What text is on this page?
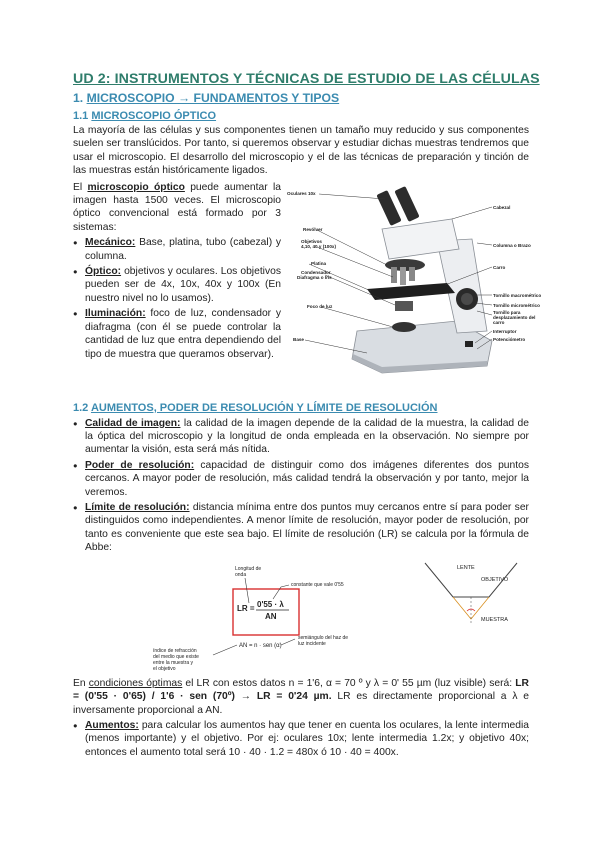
UD 2: INSTRUMENTOS Y TÉCNICAS DE ESTUDIO DE LAS CÉLULAS
1. MICROSCOPIO → FUNDAMENTOS Y TIPOS
1.1 MICROSCOPIO ÓPTICO

La mayoría de las células y sus componentes tienen un tamaño muy reducido y sus componentes suelen ser translúcidos. Por tanto, si queremos observar y estudiar dichas muestras tendremos que usar el microscopio. El desarrollo del microscopio y el de las técnicas de preparación y tinción de las muestras están históricamente ligados.

El microscopio óptico puede aumentar la imagen hasta 1500 veces. El microscopio óptico convencional está formado por 3 sistemas:

● Mecánico: Base, platina, tubo (cabezal) y columna.
● Óptico: objetivos y oculares. Los objetivos pueden ser de 4x, 10x, 40x y 100x (En nuestro nivel no lo usamos).
● Iluminación: foco de luz, condensador y diafragma (con él se puede controlar la cantidad de luz que entra dependiendo del tipo de muestra que queramos observar).
Oculares 10x
Revólver
Objetivos
4,10, 40 y (100x)
Platina
Condensador
Diafragma o Iris
Foco de luz
Base
Cabezal
Columna o Brazo
Carro
Tornillo macrométrico
Tornillo micrométrico
Tornillo para
desplazamiento del
carro
Interruptor
Potenciómetro
1.2 AUMENTOS, PODER DE RESOLUCIÓN Y LÍMITE DE RESOLUCIÓN
● Calidad de imagen: la calidad de la imagen depende de la calidad de la muestra, la calidad de la óptica del microscopio y la longitud de onda empleada en la observación. No siempre por aumentar la visión, esta será más nítida.
● Poder de resolución: capacidad de distinguir como dos imágenes diferentes dos puntos cercanos. A mayor poder de resolución, más calidad tendrá la observación y por tanto, mejor la veremos.
● Límite de resolución: distancia mínima entre dos puntos muy cercanos entre sí para poder ser distinguidos como independientes. A menor límite de resolución, mayor poder de resolución, por tanto es conveniente que este sea bajo. El límite de resolución (LR) se calcula por la fórmula de Abbe:
Longitud de
onda
constante que vale 0'55
LR = 0'55 · λ
AN
AN = n · sen (α)
índice de refracción
del medio que existe
entre la muestra y
el objetivo
semiángulo del haz de
luz incidente
LENTE
OBJETIVO
MUESTRA

En condiciones óptimas el LR con estos datos n = 1'6, α = 70 º y λ = 0' 55 µm (luz visible) será: LR = (0'55 · 0'65) / 1'6 · sen (70º) → LR = 0'24 µm. LR es directamente proporcional a λ e inversamente proporcional a AN.

● Aumentos: para calcular los aumentos hay que tener en cuenta los oculares, la lente intermedia (menos importante) y el objetivo. Por ej: oculares 10x; lente intermedia 1.2x; y objetivo 40x; entonces el aumento total será 10 · 40 · 1.2 = 480x ó 10 · 40 = 400x.
